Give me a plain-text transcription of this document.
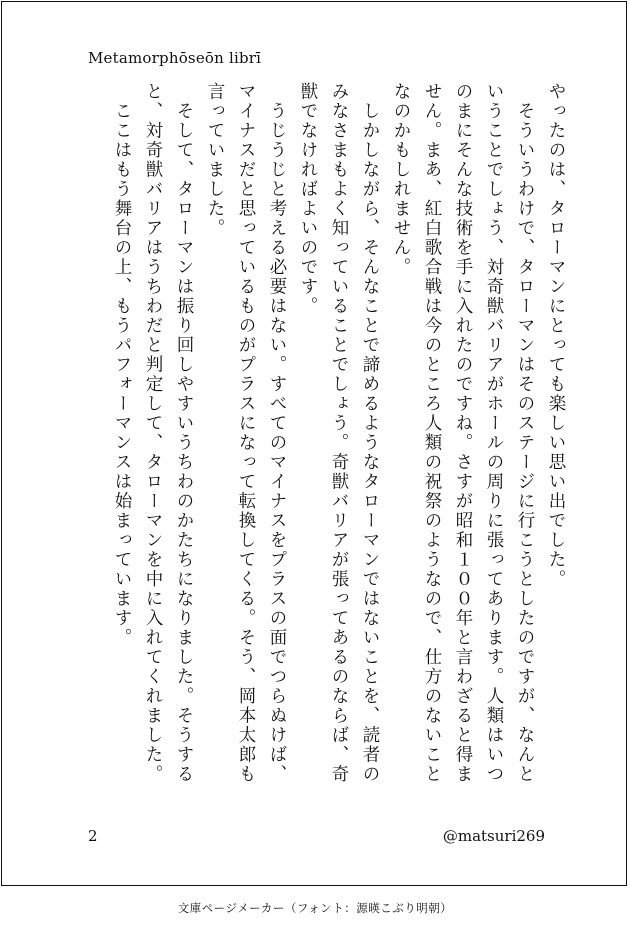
Metamorphōseōn librī
やったのは、タローマンにとっても楽しい思い出でした。
　そういうわけで、タローマンはそのステージに行こうとしたのですが、なんと
いうことでしょう、対奇獣バリアがホールの周りに張ってあります。人類はいつ
のまにそんな技術を手に入れたのですね。さすが昭和１００年と言わざると得ま
せん。まあ、紅白歌合戦は今のところ人類の祝祭のようなので、仕方のないこと
なのかもしれません。
　しかしながら、そんなことで諦めるようなタローマンではないことを、読者の
みなさまもよく知っていることでしょう。奇獣バリアが張ってあるのならば、奇
獣でなければよいのです。
　うじうじと考える必要はない。すべてのマイナスをプラスの面でつらぬけば、
マイナスだと思っているものがプラスになって転換してくる。そう、岡本太郎も
言っていました。
　そして、タローマンは振り回しやすいうちわのかたちになりました。そうする
と、対奇獣バリアはうちわだと判定して、タローマンを中に入れてくれました。
　ここはもう舞台の上、もうパフォーマンスは始まっています。
2	@matsuri269
文庫ページメーカー（フォント：源暎こぶり明朝）
